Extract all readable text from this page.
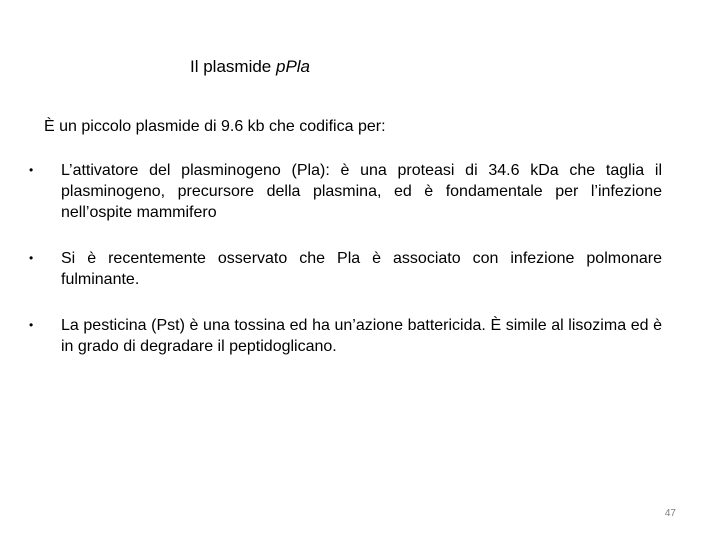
Il plasmide pPla
È un piccolo plasmide di 9.6 kb che codifica per:
• L’attivatore del plasminogeno (Pla): è una proteasi di 34.6 kDa che taglia il plasminogeno, precursore della plasmina, ed è fondamentale per l’infezione nell’ospite mammifero
• Si è recentemente osservato che Pla è associato con infezione polmonare fulminante.
• La pesticina (Pst) è una tossina ed ha un’azione battericida. È simile al lisozima ed è in grado di degradare il peptidoglicano.
47
